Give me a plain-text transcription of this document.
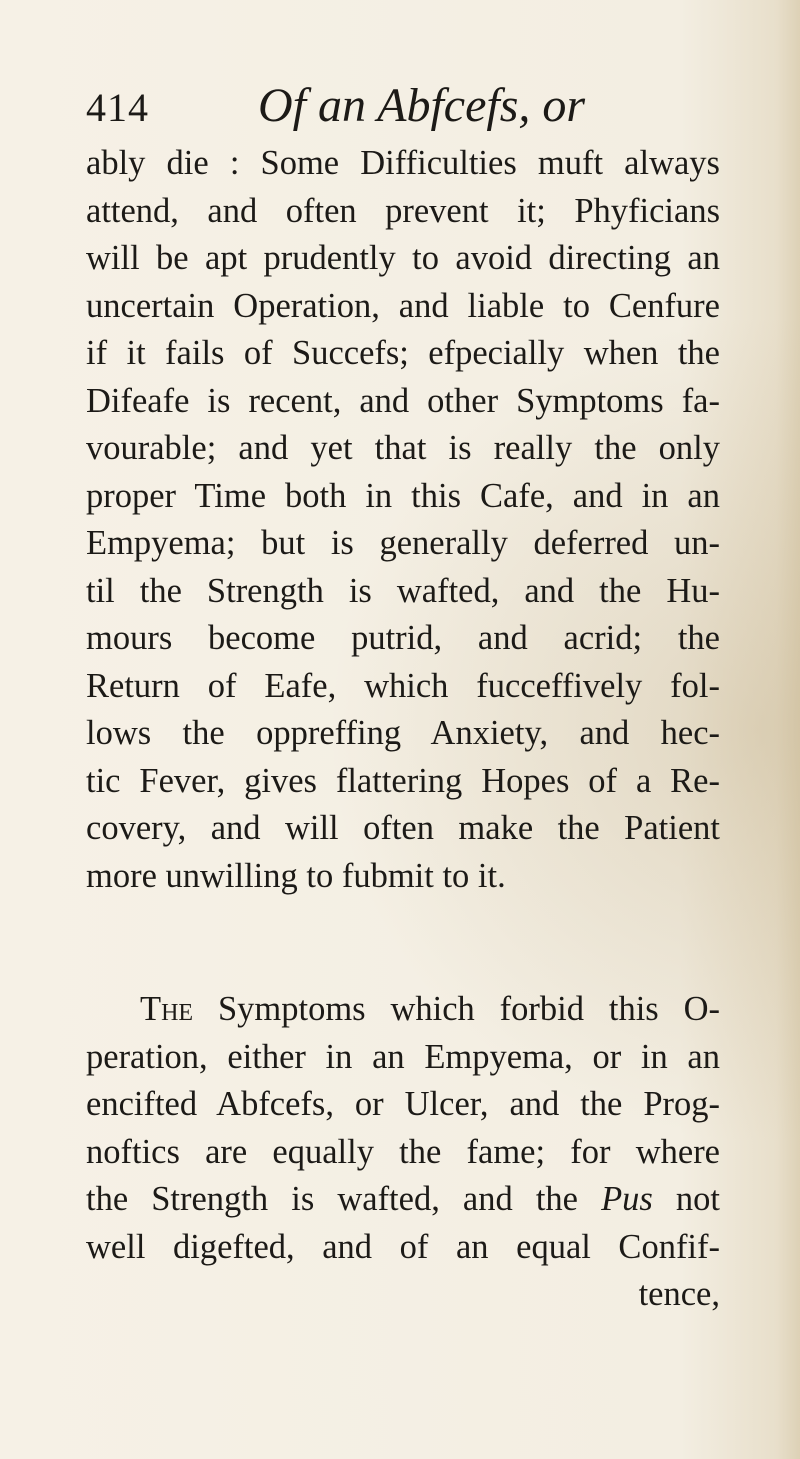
414 Of an Abfcefs, or
ably die : Some Difficulties muft always
attend, and often prevent it; Phyficians
will be apt prudently to avoid directing an
uncertain Operation, and liable to Cenfure
if it fails of Succefs; efpecially when the
Difeafe is recent, and other Symptoms fa-
vourable; and yet that is really the only
proper Time both in this Cafe, and in an
Empyema; but is generally deferred un-
til the Strength is wafted, and the Hu-
mours become putrid, and acrid; the
Return of Eafe, which fucceffively fol-
lows the oppreffing Anxiety, and hec-
tic Fever, gives flattering Hopes of a Re-
covery, and will often make the Patient
more unwilling to fubmit to it.
The Symptoms which forbid this O-
peration, either in an Empyema, or in an
encifted Abfcefs, or Ulcer, and the Prog-
noftics are equally the fame; for where
the Strength is wafted, and the Pus not
well digefted, and of an equal Confif-
tence,
